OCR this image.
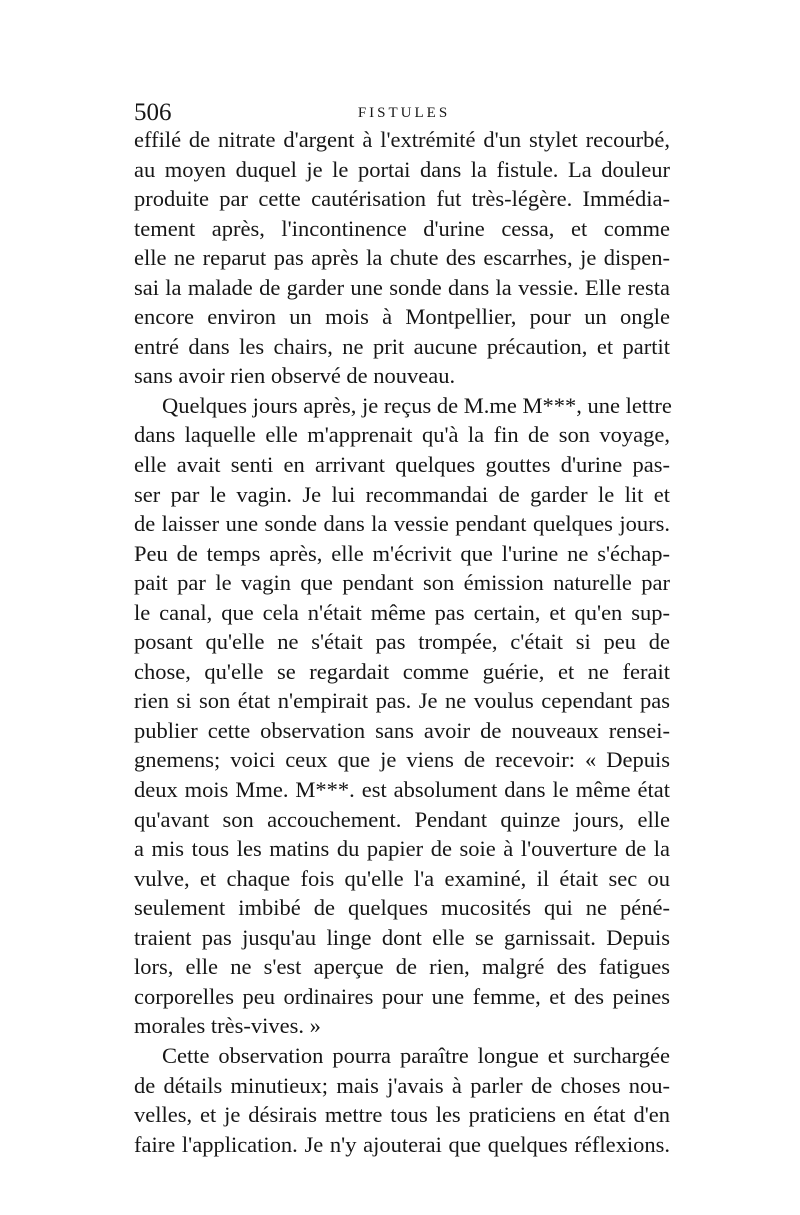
506	FISTULES
effilé de nitrate d'argent à l'extrémité d'un stylet recourbé,
au moyen duquel je le portai dans la fistule. La douleur
produite par cette cautérisation fut très-légère. Immédia-
tement après, l'incontinence d'urine cessa, et comme
elle ne reparut pas après la chute des escarrhes, je dispen-
sai la malade de garder une sonde dans la vessie. Elle resta
encore environ un mois à Montpellier, pour un ongle
entré dans les chairs, ne prit aucune précaution, et partit
sans avoir rien observé de nouveau.
Quelques jours après, je reçus de M.me M***, une lettre
dans laquelle elle m'apprenait qu'à la fin de son voyage,
elle avait senti en arrivant quelques gouttes d'urine pas-
ser par le vagin. Je lui recommandai de garder le lit et
de laisser une sonde dans la vessie pendant quelques jours.
Peu de temps après, elle m'écrivit que l'urine ne s'échap-
pait par le vagin que pendant son émission naturelle par
le canal, que cela n'était même pas certain, et qu'en sup-
posant qu'elle ne s'était pas trompée, c'était si peu de
chose, qu'elle se regardait comme guérie, et ne ferait
rien si son état n'empirait pas. Je ne voulus cependant pas
publier cette observation sans avoir de nouveaux rensei-
gnemens; voici ceux que je viens de recevoir: « Depuis
deux mois Mme. M***. est absolument dans le même état
qu'avant son accouchement. Pendant quinze jours, elle
a mis tous les matins du papier de soie à l'ouverture de la
vulve, et chaque fois qu'elle l'a examiné, il était sec ou
seulement imbibé de quelques mucosités qui ne péné-
traient pas jusqu'au linge dont elle se garnissait. Depuis
lors, elle ne s'est aperçue de rien, malgré des fatigues
corporelles peu ordinaires pour une femme, et des peines
morales très-vives. »
Cette observation pourra paraître longue et surchargée
de détails minutieux; mais j'avais à parler de choses nou-
velles, et je désirais mettre tous les praticiens en état d'en
faire l'application. Je n'y ajouterai que quelques réflexions.
